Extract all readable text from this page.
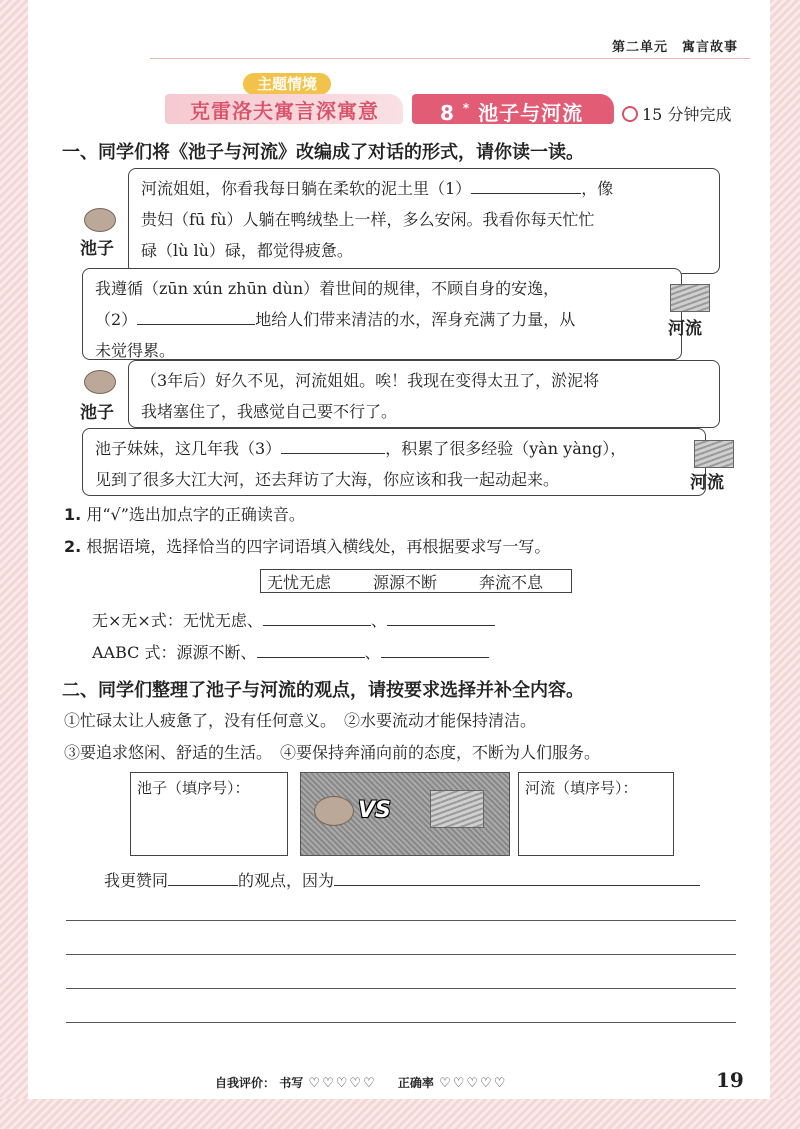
第二单元　寓言故事
主题情境
克雷洛夫寓言深寓意	8 * 池子与河流	15 分钟完成
一、同学们将《池子与河流》改编成了对话的形式，请你读一读。
池子
河流姐姐，你看我每日躺在柔软的泥土里（1）	，像
贵妇（fū fù）人躺在鸭绒垫上一样，多么安闲。我看你每天忙忙
碌（lù lù）碌，都觉得疲惫。
我遵循（zūn xún zhūn dùn）着世间的规律，不顾自身的安逸，
（2）	地给人们带来清洁的水，浑身充满了力量，从
未觉得累。
河流
池子
（3年后）好久不见，河流姐姐。唉！我现在变得太丑了，淤泥将
我堵塞住了，我感觉自己要不行了。
池子妹妹，这几年我（3）	，积累了很多经验（yàn yàng），
见到了很多大江大河，还去拜访了大海，你应该和我一起动起来。	河流
1. 用“√”选出加点字的正确读音。
2. 根据语境，选择恰当的四字词语填入横线处，再根据要求写一写。
无忧无虑	源源不断	奔流不息
无×无×式：无忧无虑、	、
AABC 式：源源不断、	、
二、同学们整理了池子与河流的观点，请按要求选择并补全内容。
①忙碌太让人疲惫了，没有任何意义。　②水要流动才能保持清洁。
③要追求悠闲、舒适的生活。　④要保持奔涌向前的态度，不断为人们服务。
池子（填序号）：
VS
河流（填序号）：
我更赞同	的观点，因为
自我评价： 书写 ♡ ♡ ♡ ♡ ♡ 正确率 ♡ ♡ ♡ ♡ ♡	19
